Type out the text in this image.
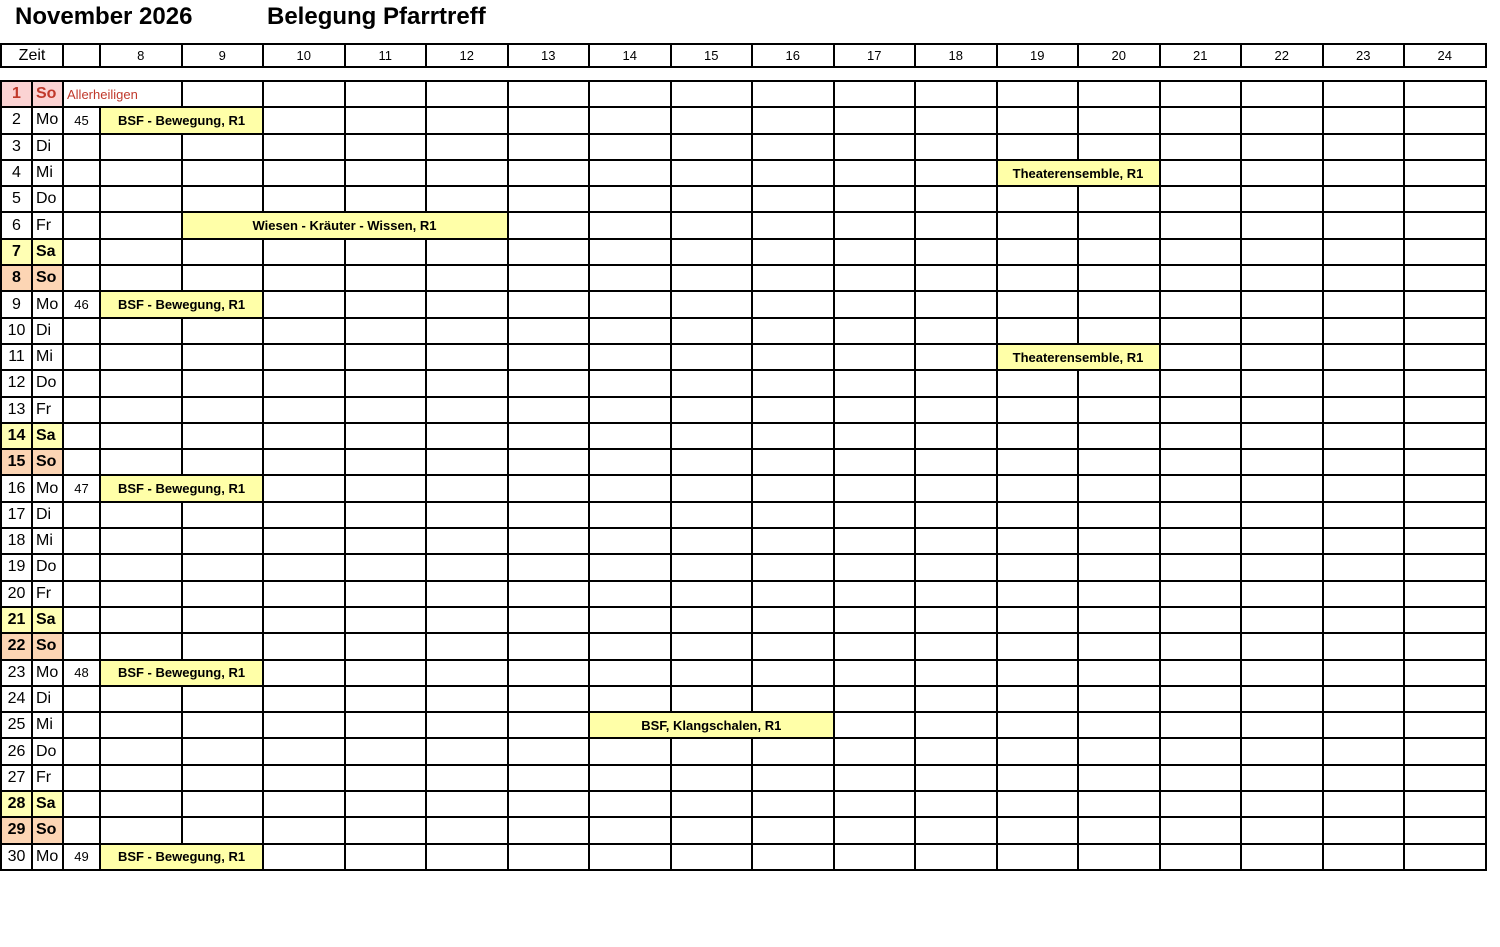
November 2026	Belegung Pfarrtreff
Zeit		8	9	10	11	12	13	14	15	16	17	18	19	20	21	22	23	24
1	So	Allerheiligen																	
2	Mo	45	BSF - Bewegung, R1																
3	Di																		
4	Mi													Theaterensemble, R1					
5	Do																		
6	Fr			Wiesen - Kräuter - Wissen, R1															
7	Sa																		
8	So																		
9	Mo	46	BSF - Bewegung, R1																
10	Di																		
11	Mi													Theaterensemble, R1					
12	Do																		
13	Fr																		
14	Sa																		
15	So																		
16	Mo	47	BSF - Bewegung, R1																
17	Di																		
18	Mi																		
19	Do																		
20	Fr																		
21	Sa																		
22	So																		
23	Mo	48	BSF - Bewegung, R1																
24	Di																		
25	Mi								BSF, Klangschalen, R1										
26	Do																		
27	Fr																		
28	Sa																		
29	So																		
30	Mo	49	BSF - Bewegung, R1																
